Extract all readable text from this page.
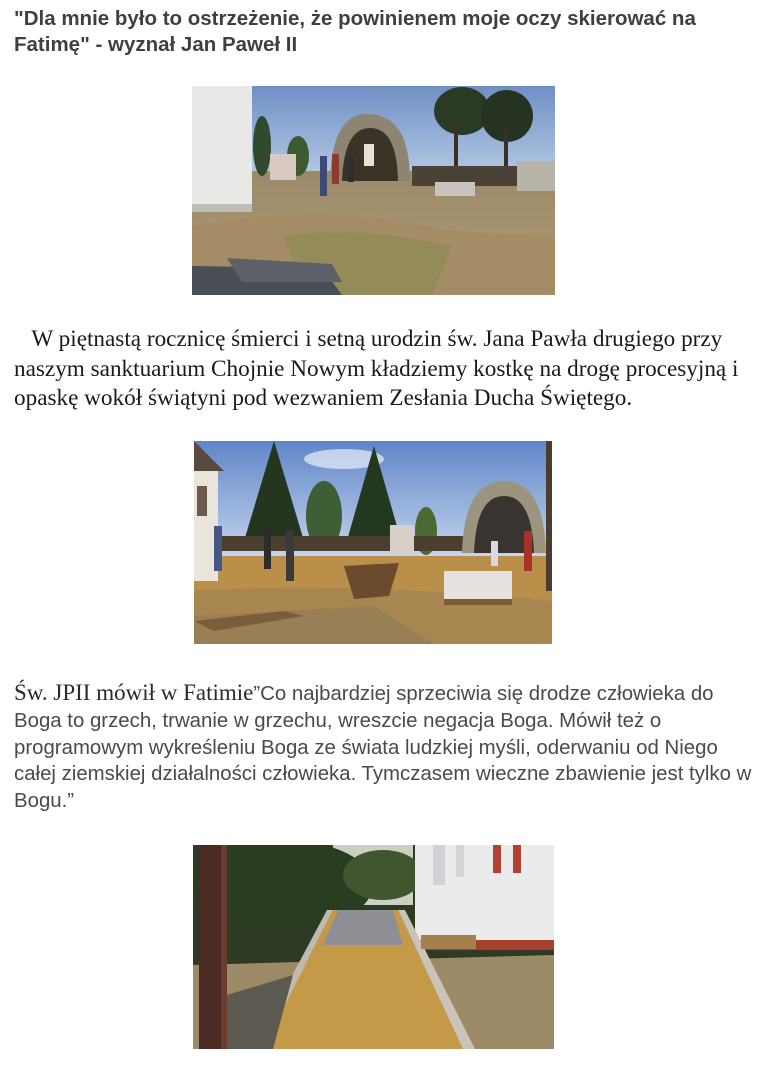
"Dla mnie było to ostrzeżenie, że powinienem moje oczy skierować na Fatimę" - wyznał Jan Paweł II

W piętnastą rocznicę śmierci i setną urodzin św. Jana Pawła drugiego przy naszym sanktuarium Chojnie Nowym kładziemy kostkę na drogę procesyjną i opaskę wokół świątyni pod wezwaniem Zesłania Ducha Świętego.

Św. JPII mówił w Fatimie”Co najbardziej sprzeciwia się drodze człowieka do Boga to grzech, trwanie w grzechu, wreszcie negacja Boga. Mówił też o programowym wykreśleniu Boga ze świata ludzkiej myśli, oderwaniu od Niego całej ziemskiej działalności człowieka. Tymczasem wieczne zbawienie jest tylko w Bogu.”
